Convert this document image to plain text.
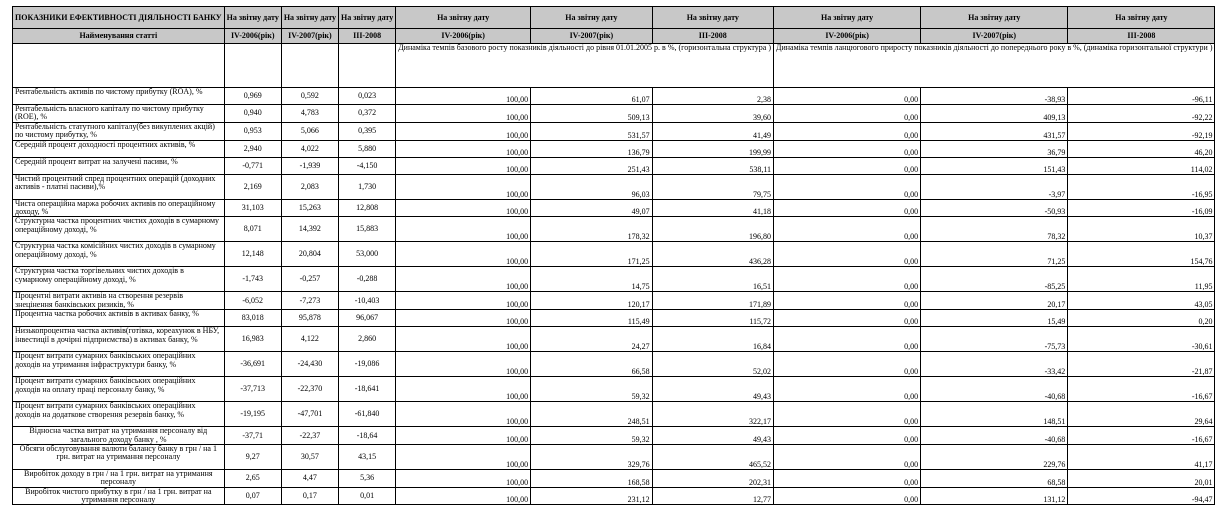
ПОКАЗНИКИ ЕФЕКТИВНОСТІ ДІЯЛЬНОСТІ БАНКУ	На звітну дату	На звітну дату	На звітну дату	На звітну дату	На звітну дату	На звітну дату	На звітну дату	На звітну дату	На звітну дату
Найменування статті	IV-2006(рік)	IV-2007(рік)	III-2008	IV-2006(рік)	IV-2007(рік)	III-2008	IV-2006(рік)	IV-2007(рік)	III-2008
				Динаміка темпів базового росту показників діяльності до рівня 01.01.2005 р. в %, (горизонтальна структура )			Динаміка темпів ланцюгового приросту показників діяльності до попереднього року в %, (динаміка горизонтальної структури )		
Рентабельність активів по чистому прибутку (ROA), %	0,969	0,592	0,023	100,00	61,07	2,38	0,00	-38,93	-96,11
Рентабельність власного капіталу по чистому прибутку (ROE), %	0,940	4,783	0,372	100,00	509,13	39,60	0,00	409,13	-92,22
Рентабельність статутного капіталу(без викуплених акцій) по чистому прибутку, %	0,953	5,066	0,395	100,00	531,57	41,49	0,00	431,57	-92,19
Середній процент доходності процентних активів, %	2,940	4,022	5,880	100,00	136,79	199,99	0,00	36,79	46,20
Середній процент витрат на залучені пасиви, %	-0,771	-1,939	-4,150	100,00	251,43	538,11	0,00	151,43	114,02
Чистий процентний спред процентних операцій (доходних активів - платні пасиви),%	2,169	2,083	1,730	100,00	96,03	79,75	0,00	-3,97	-16,95
Чиста операційна маржа робочих активів по операційному доходу, %	31,103	15,263	12,808	100,00	49,07	41,18	0,00	-50,93	-16,09
Структурна частка процентних чистих доходів в сумарному операційному доході, %	8,071	14,392	15,883	100,00	178,32	196,80	0,00	78,32	10,37
Структурна частка комісійних чистих доходів в сумарному операційному доході, %	12,148	20,804	53,000	100,00	171,25	436,28	0,00	71,25	154,76
Структурна частка торгівельних чистих доходів в сумарному операційному доході, %	-1,743	-0,257	-0,288	100,00	14,75	16,51	0,00	-85,25	11,95
Процентні витрати активів на створення резервів знецінення банківських ризиків, %	-6,052	-7,273	-10,403	100,00	120,17	171,89	0,00	20,17	43,05
Процентна частка робочих активів в активах банку, %	83,018	95,878	96,067	100,00	115,49	115,72	0,00	15,49	0,20
Низькопроцентна частка активів(готівка, кореахунок в НБУ, інвестиції в дочірні підприємства) в активах банку, %	16,983	4,122	2,860	100,00	24,27	16,84	0,00	-75,73	-30,61
Процент витрати сумарних банківських операційних доходів на утримання інфраструктури банку, %	-36,691	-24,430	-19,086	100,00	66,58	52,02	0,00	-33,42	-21,87
Процент витрати сумарних банківських операційних доходів на оплату праці персоналу банку, %	-37,713	-22,370	-18,641	100,00	59,32	49,43	0,00	-40,68	-16,67
Процент витрати сумарних банківських операційних доходів на додаткове створення резервів банку, %	-19,195	-47,701	-61,840	100,00	248,51	322,17	0,00	148,51	29,64
Відносна частка витрат на утримання персоналу від загального доходу банку , %	-37,71	-22,37	-18,64	100,00	59,32	49,43	0,00	-40,68	-16,67
Обсяги обслуговування валюти балансу банку в грн / на 1 грн. витрат на утримання персоналу	9,27	30,57	43,15	100,00	329,76	465,52	0,00	229,76	41,17
Виробіток доходу в грн / на 1 грн. витрат на утримання персоналу	2,65	4,47	5,36	100,00	168,58	202,31	0,00	68,58	20,01
Виробіток чистого прибутку в грн / на 1 грн. витрат на утримання персоналу	0,07	0,17	0,01	100,00	231,12	12,77	0,00	131,12	-94,47
